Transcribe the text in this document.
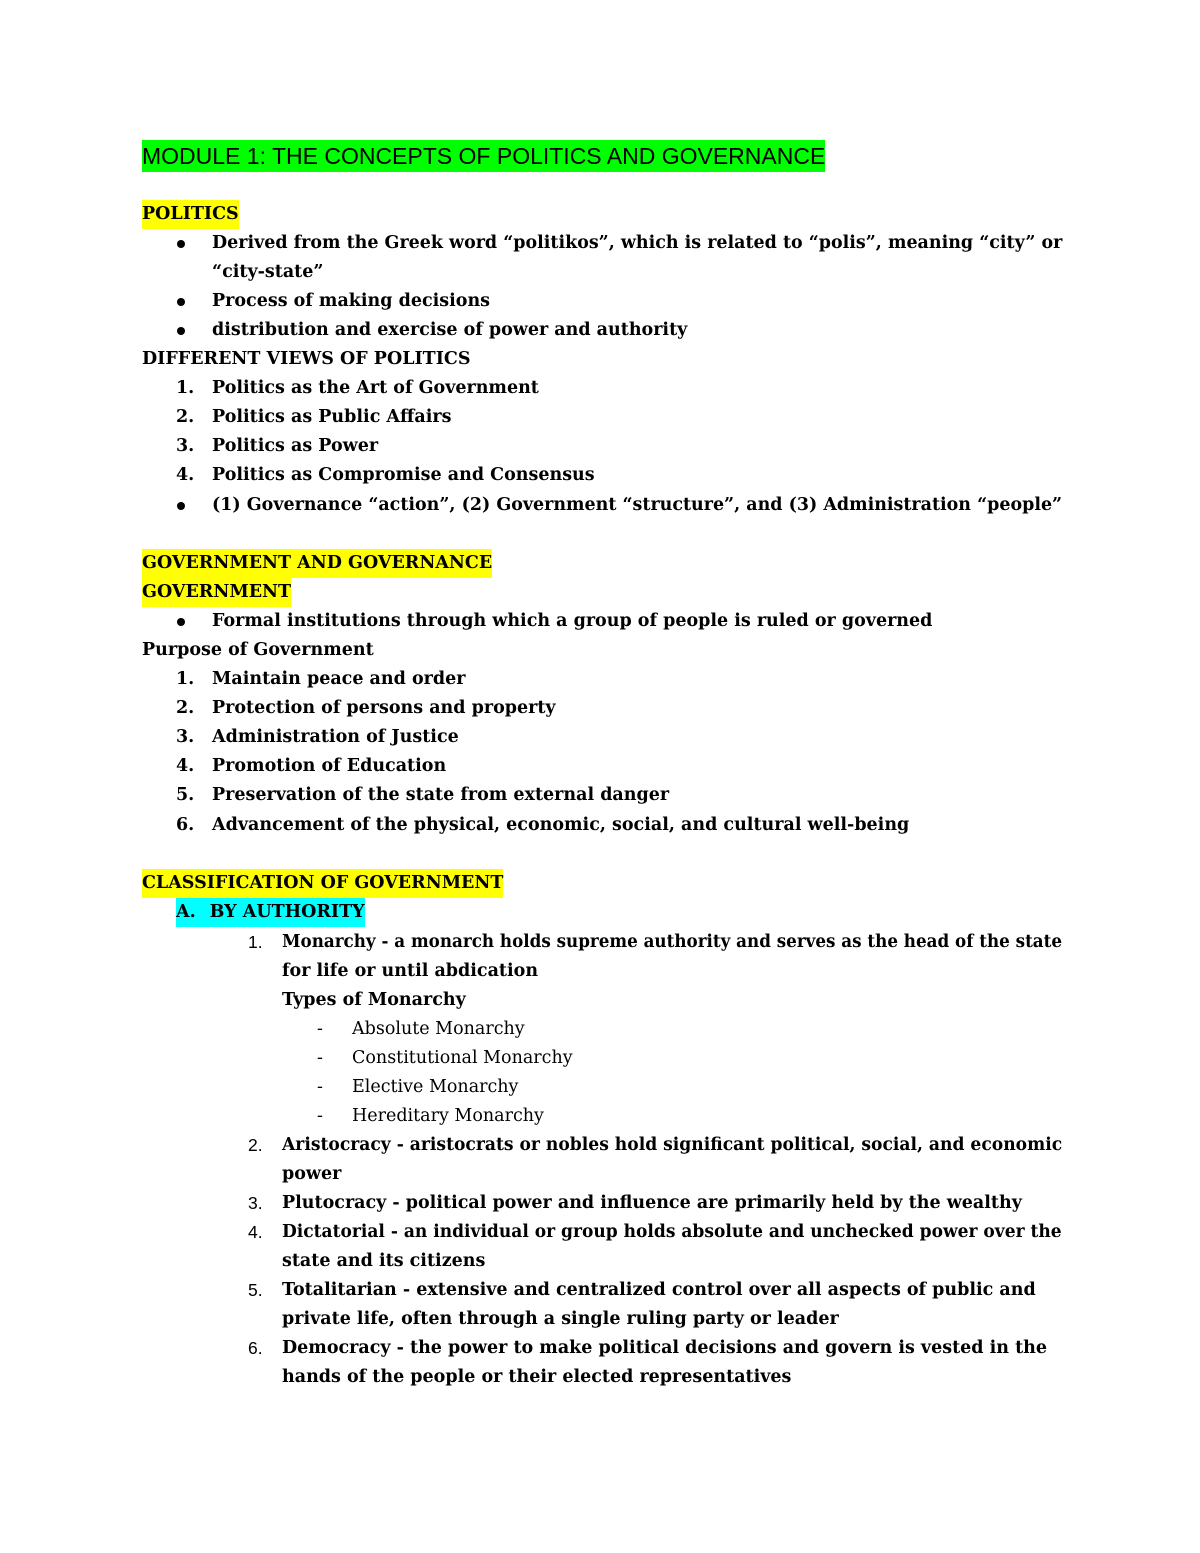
MODULE 1: THE CONCEPTS OF POLITICS AND GOVERNANCE
POLITICS
Derived from the Greek word “politikos”, which is related to “polis”, meaning “city” or
“city-state”
Process of making decisions
distribution and exercise of power and authority
DIFFERENT VIEWS OF POLITICS
1. Politics as the Art of Government
2. Politics as Public Affairs
3. Politics as Power
4. Politics as Compromise and Consensus
(1) Governance “action”, (2) Government “structure”, and (3) Administration “people”
GOVERNMENT AND GOVERNANCE
GOVERNMENT
Formal institutions through which a group of people is ruled or governed
Purpose of Government
1. Maintain peace and order
2. Protection of persons and property
3. Administration of Justice
4. Promotion of Education
5. Preservation of the state from external danger
6. Advancement of the physical, economic, social, and cultural well-being
CLASSIFICATION OF GOVERNMENT
A. BY AUTHORITY
1. Monarchy - a monarch holds supreme authority and serves as the head of the state
for life or until abdication
Types of Monarchy
- Absolute Monarchy
- Constitutional Monarchy
- Elective Monarchy
- Hereditary Monarchy
2. Aristocracy - aristocrats or nobles hold significant political, social, and economic
power
3. Plutocracy - political power and influence are primarily held by the wealthy
4. Dictatorial - an individual or group holds absolute and unchecked power over the
state and its citizens
5. Totalitarian - extensive and centralized control over all aspects of public and
private life, often through a single ruling party or leader
6. Democracy - the power to make political decisions and govern is vested in the
hands of the people or their elected representatives
